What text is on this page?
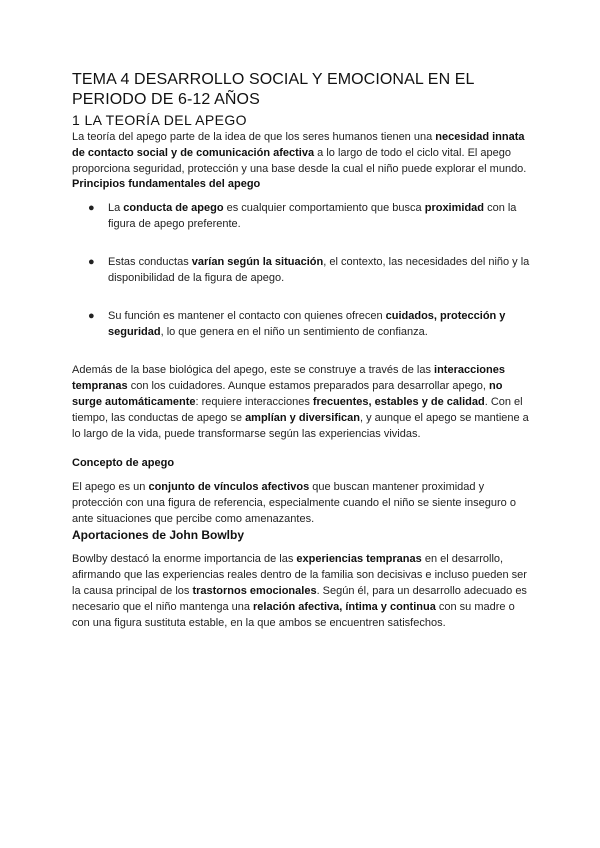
TEMA 4 DESARROLLO SOCIAL Y EMOCIONAL EN EL
PERIODO DE 6-12 AÑOS
1 LA TEORÍA DEL APEGO

La teoría del apego parte de la idea de que los seres humanos tienen una necesidad innata de contacto social y de comunicación afectiva a lo largo de todo el ciclo vital. El apego proporciona seguridad, protección y una base desde la cual el niño puede explorar el mundo.

Principios fundamentales del apego

● La conducta de apego es cualquier comportamiento que busca proximidad con la figura de apego preferente.
● Estas conductas varían según la situación, el contexto, las necesidades del niño y la disponibilidad de la figura de apego.
● Su función es mantener el contacto con quienes ofrecen cuidados, protección y seguridad, lo que genera en el niño un sentimiento de confianza.

Además de la base biológica del apego, este se construye a través de las interacciones tempranas con los cuidadores. Aunque estamos preparados para desarrollar apego, no surge automáticamente: requiere interacciones frecuentes, estables y de calidad. Con el tiempo, las conductas de apego se amplían y diversifican, y aunque el apego se mantiene a lo largo de la vida, puede transformarse según las experiencias vividas.

Concepto de apego

El apego es un conjunto de vínculos afectivos que buscan mantener proximidad y protección con una figura de referencia, especialmente cuando el niño se siente inseguro o ante situaciones que percibe como amenazantes.

Aportaciones de John Bowlby

Bowlby destacó la enorme importancia de las experiencias tempranas en el desarrollo, afirmando que las experiencias reales dentro de la familia son decisivas e incluso pueden ser la causa principal de los trastornos emocionales. Según él, para un desarrollo adecuado es necesario que el niño mantenga una relación afectiva, íntima y continua con su madre o con una figura sustituta estable, en la que ambos se encuentren satisfechos.
